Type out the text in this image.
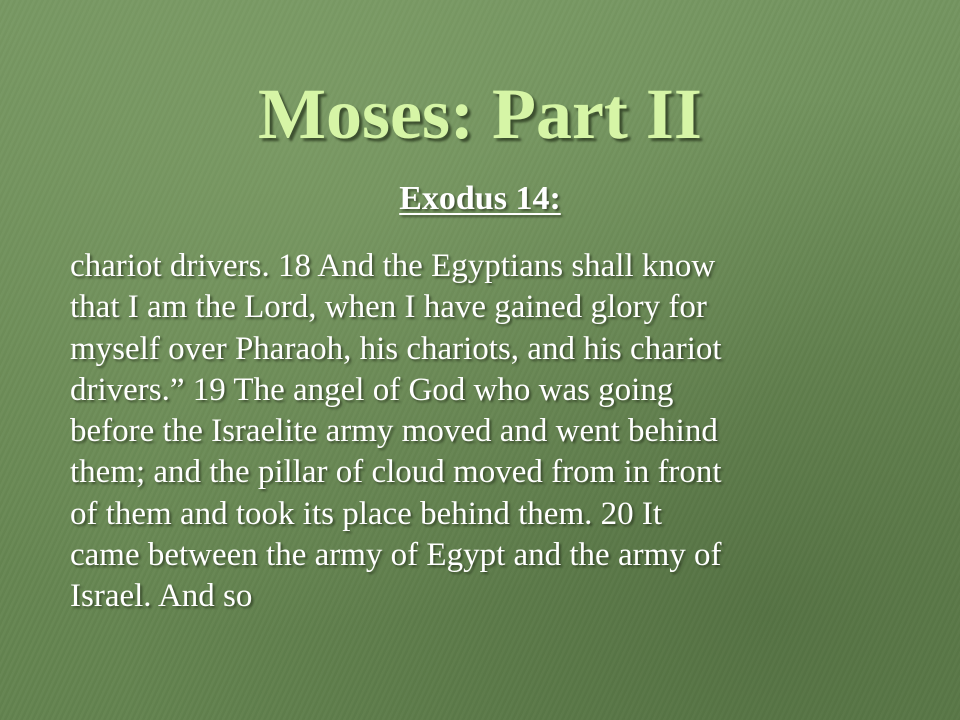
Moses: Part II
Exodus 14:
chariot drivers. 18 And the Egyptians shall know
that I am the Lord, when I have gained glory for
myself over Pharaoh, his chariots, and his chariot
drivers.” 19 The angel of God who was going
before the Israelite army moved and went behind
them; and the pillar of cloud moved from in front
of them and took its place behind them. 20 It
came between the army of Egypt and the army of
Israel. And so
